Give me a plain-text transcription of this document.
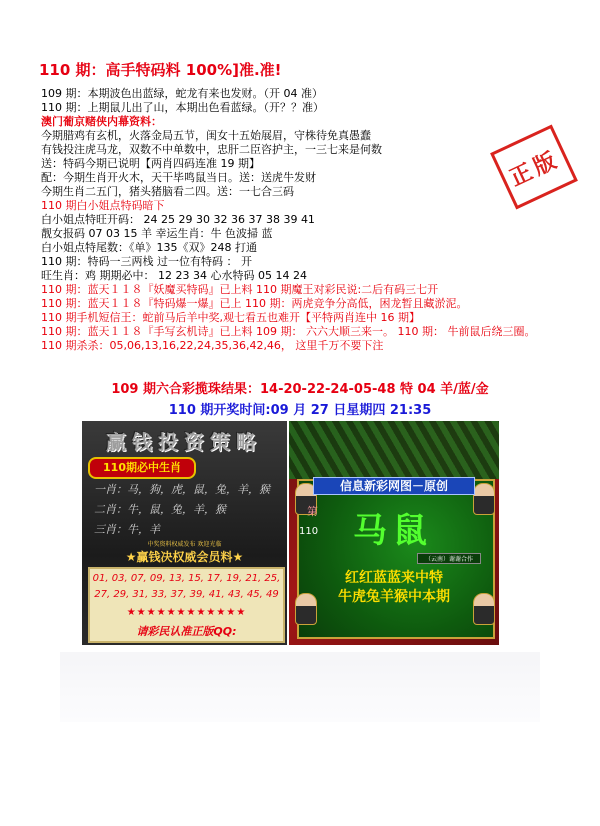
110 期：高手特码料 100%]准.准!
109 期：本期波色出蓝绿，蛇龙有来也发财。（开 04 准）
110 期：上期鼠儿出了山，本期出色看蓝绿。（开？？准）
澳门葡京赌侠内幕资料：
今期腊鸡有玄机，火落金局五节，闺女十五始展眉，守株待免真愚蠢
有钱投注虎马龙，双数不中单数中，忠肝二臣咨护主，一三七来是何数
送：特码今期已说明【两肖四码连准 19 期】
配：今期生肖开火木，天干毕鸣鼠当日。送：送虎牛发财
今期生肖二五门，猪头猪脑看二四。送：一七合三码
110 期白小姐点特码暗下
白小姐点特旺开码： 24 25 29 30 32 36 37 38 39 41
靓女报码 07 03 15 羊 幸运生肖：牛 色波掃 蓝
白小姐点特尾数：《单》135《双》248 打通
110 期：特码一三两栈 过一位有特码 ： 开
旺生肖：鸡 期期必中： 12 23 34 心水特码 05 14 24
110 期：蓝天１１８『妖魔买特码』已上料 110 期魔王对彩民说:二后有码三七开
110 期：蓝天１１８『特码爆一爆』已上 110 期：两虎竞争分高低，困龙暂且藏淤泥。
110 期手机短信王：蛇前马后羊中奖,观七看五也难开【平特两肖连中 16 期】
110 期：蓝天１１８『手写玄机诗』已上料 109 期： 六六大顺三来一。 110 期： 牛前鼠后绕三圈。
110 期杀杀：05,06,13,16,22,24,35,36,42,46， 这里千万不要下注
正版
109 期六合彩揽珠结果：14-20-22-24-05-48 特 04 羊/蓝/金
110 期开奖时间:09 月 27 日星期四 21:35
赢钱投资策略
110期必中生肖
一肖：马，狗，虎，鼠，兔，羊，猴
二肖：牛，鼠，兔，羊，猴
三肖：牛，羊
中奖资料权威发布 欢迎光临
★赢钱决权威会员料★
01, 03, 07, 09, 13, 15, 17, 19, 21, 25,
27, 29, 31, 33, 37, 39, 41, 43, 45, 49
★★★★★★★★★★★★
请彩民认准正版QQ:
信息新彩网图－原创
第
110 马鼠
（云南）谢谢合作
红红蓝蓝来中特
牛虎兔羊猴中本期
